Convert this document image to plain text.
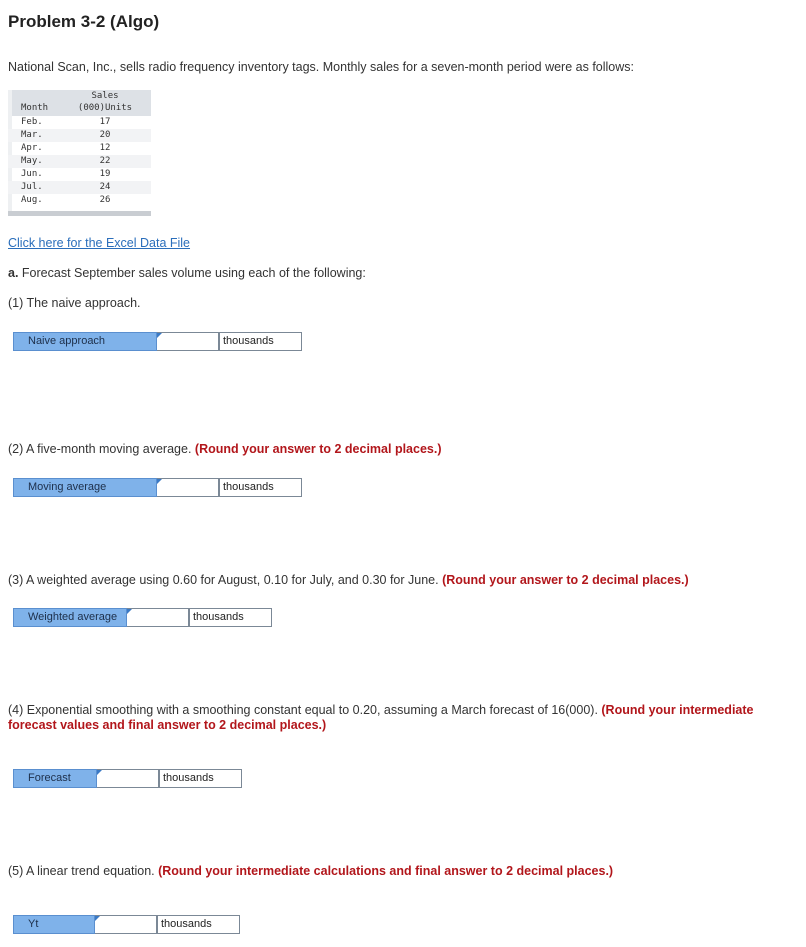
Problem 3-2 (Algo)
National Scan, Inc., sells radio frequency inventory tags. Monthly sales for a seven-month period were as follows:
Sales
Month	(000)Units
Feb.	17
Mar.	20
Apr.	12
May.	22
Jun.	19
Jul.	24
Aug.	26
Click here for the Excel Data File
a. Forecast September sales volume using each of the following:
(1) The naive approach.
Naive approach	thousands
(2) A five-month moving average. (Round your answer to 2 decimal places.)
Moving average	thousands
(3) A weighted average using 0.60 for August, 0.10 for July, and 0.30 for June. (Round your answer to 2 decimal places.)
Weighted average	thousands
(4) Exponential smoothing with a smoothing constant equal to 0.20, assuming a March forecast of 16(000). (Round your intermediate
forecast values and final answer to 2 decimal places.)
Forecast	thousands
(5) A linear trend equation. (Round your intermediate calculations and final answer to 2 decimal places.)
Yt	thousands
